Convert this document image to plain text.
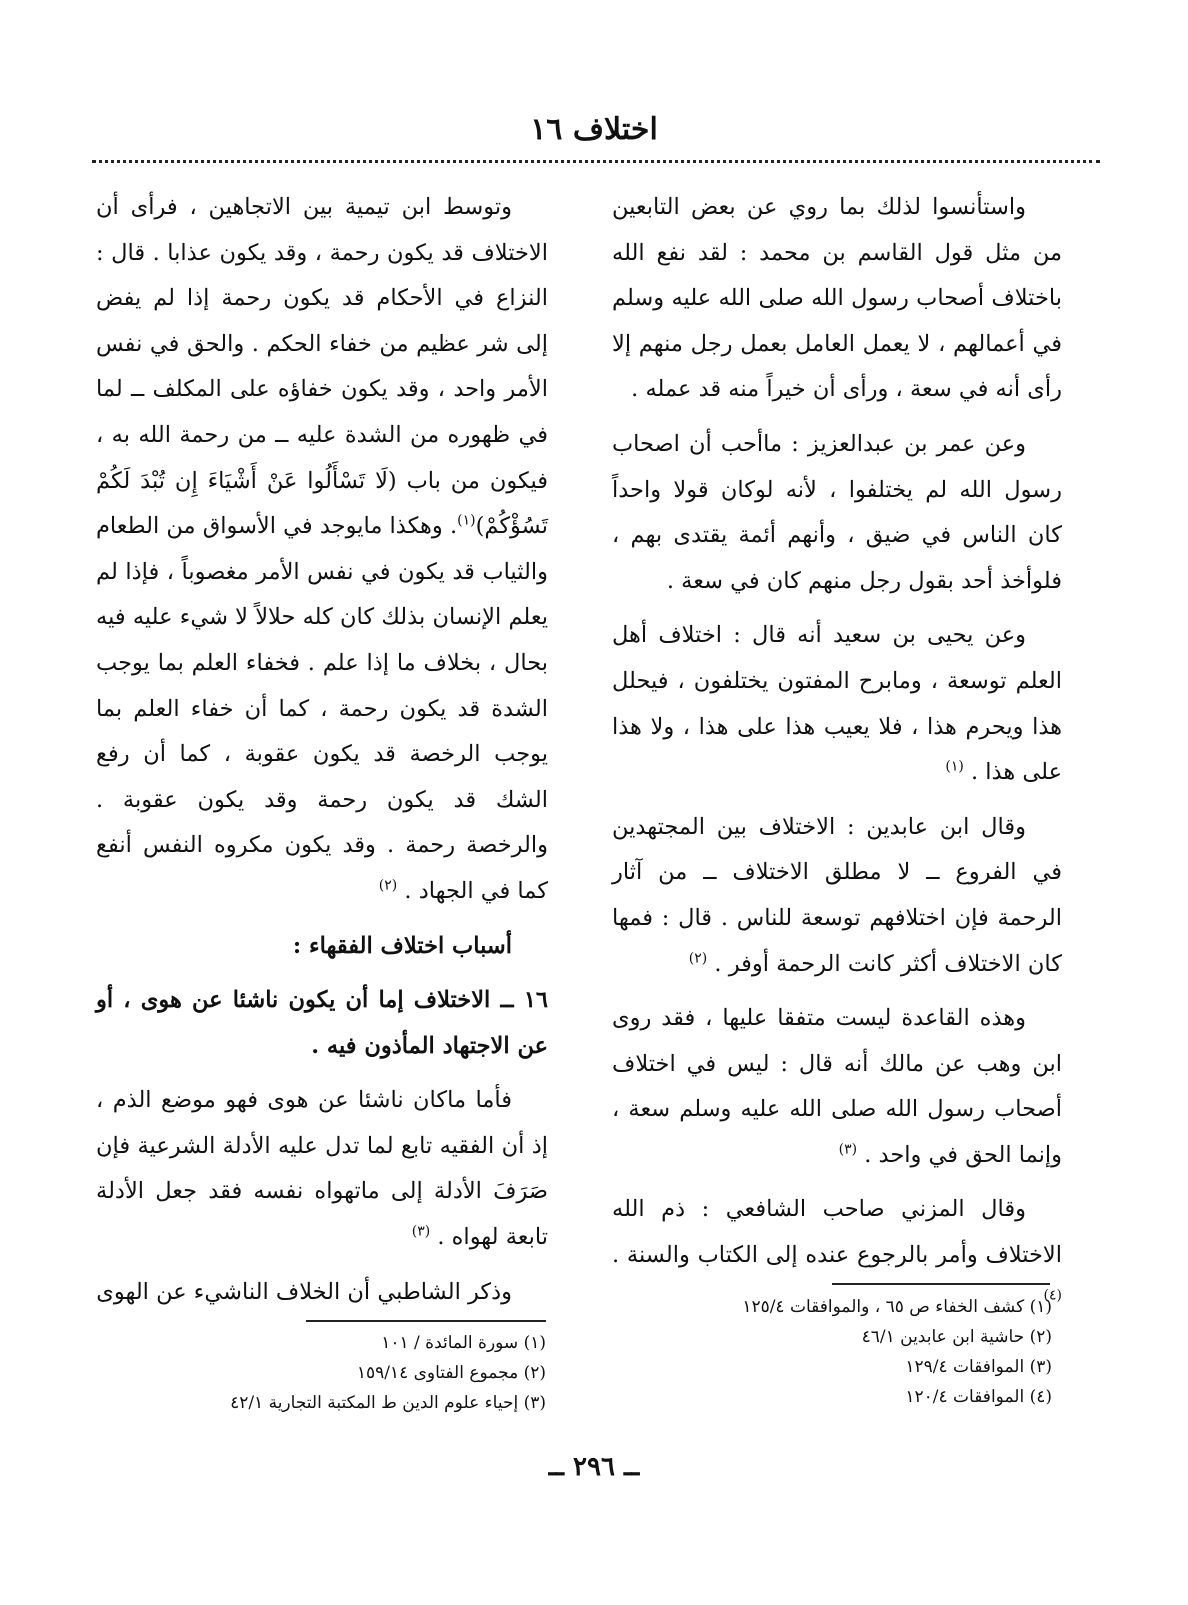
اختلاف ١٦

واستأنسوا لذلك بما روي عن بعض التابعين من مثل قول القاسم بن محمد : لقد نفع الله باختلاف أصحاب رسول الله صلى الله عليه وسلم في أعمالهم ، لا يعمل العامل بعمل رجل منهم إلا رأى أنه في سعة ، ورأى أن خيراً منه قد عمله .

وعن عمر بن عبدالعزيز : ماأحب أن اصحاب رسول الله لم يختلفوا ، لأنه لوكان قولا واحداً كان الناس في ضيق ، وأنهم أئمة يقتدى بهم ، فلوأخذ أحد بقول رجل منهم كان في سعة .

وعن يحيى بن سعيد أنه قال : اختلاف أهل العلم توسعة ، ومابرح المفتون يختلفون ، فيحلل هذا ويحرم هذا ، فلا يعيب هذا على هذا ، ولا هذا على هذا . $^{(١)}$

وقال ابن عابدين : الاختلاف بين المجتهدين في الفروع ــ لا مطلق الاختلاف ــ من آثار الرحمة فإن اختلافهم توسعة للناس . قال : فمها كان الاختلاف أكثر كانت الرحمة أوفر . $^{(٢)}$

وهذه القاعدة ليست متفقا عليها ، فقد روى ابن وهب عن مالك أنه قال : ليس في اختلاف أصحاب رسول الله صلى الله عليه وسلم سعة ، وإنما الحق في واحد . $^{(٣)}$

وقال المزني صاحب الشافعي : ذم الله الاختلاف وأمر بالرجوع عنده إلى الكتاب والسنة . $^{(٤)}$

وتوسط ابن تيمية بين الاتجاهين ، فرأى أن الاختلاف قد يكون رحمة ، وقد يكون عذابا . قال : النزاع في الأحكام قد يكون رحمة إذا لم يفض إلى شر عظيم من خفاء الحكم . والحق في نفس الأمر واحد ، وقد يكون خفاؤه على المكلف ــ لما في ظهوره من الشدة عليه ــ من رحمة الله به ، فيكون من باب (لَا تَسْأَلُوا عَنْ أَشْيَاءَ إِن تُبْدَ لَكُمْ تَسُؤْكُمْ)$^{(١)}$. وهكذا مايوجد في الأسواق من الطعام والثياب قد يكون في نفس الأمر مغصوباً ، فإذا لم يعلم الإنسان بذلك كان كله حلالاً لا شيء عليه فيه بحال ، بخلاف ما إذا علم . فخفاء العلم بما يوجب الشدة قد يكون رحمة ، كما أن خفاء العلم بما يوجب الرخصة قد يكون عقوبة ، كما أن رفع الشك قد يكون رحمة وقد يكون عقوبة . والرخصة رحمة . وقد يكون مكروه النفس أنفع كما في الجهاد . $^{(٢)}$

أسباب اختلاف الفقهاء :

١٦ ــ الاختلاف إما أن يكون ناشئا عن هوى ، أو عن الاجتهاد المأذون فيه .

فأما ماكان ناشئا عن هوى فهو موضع الذم ، إذ أن الفقيه تابع لما تدل عليه الأدلة الشرعية فإن صَرَفَ الأدلة إلى ماتهواه نفسه فقد جعل الأدلة تابعة لهواه . $^{(٣)}$

وذكر الشاطبي أن الخلاف الناشيء عن الهوى

(١) كشف الخفاء ص ٦٥ ، والموافقات ١٢٥/٤
(٢) حاشية ابن عابدين ٤٦/١
(٣) الموافقات ١٢٩/٤
(٤) الموافقات ١٢٠/٤
(١) سورة المائدة / ١٠١
(٢) مجموع الفتاوى ١٥٩/١٤
(٣) إحياء علوم الدين ط المكتبة التجارية ٤٢/١
ــ ٢٩٦ ــ
